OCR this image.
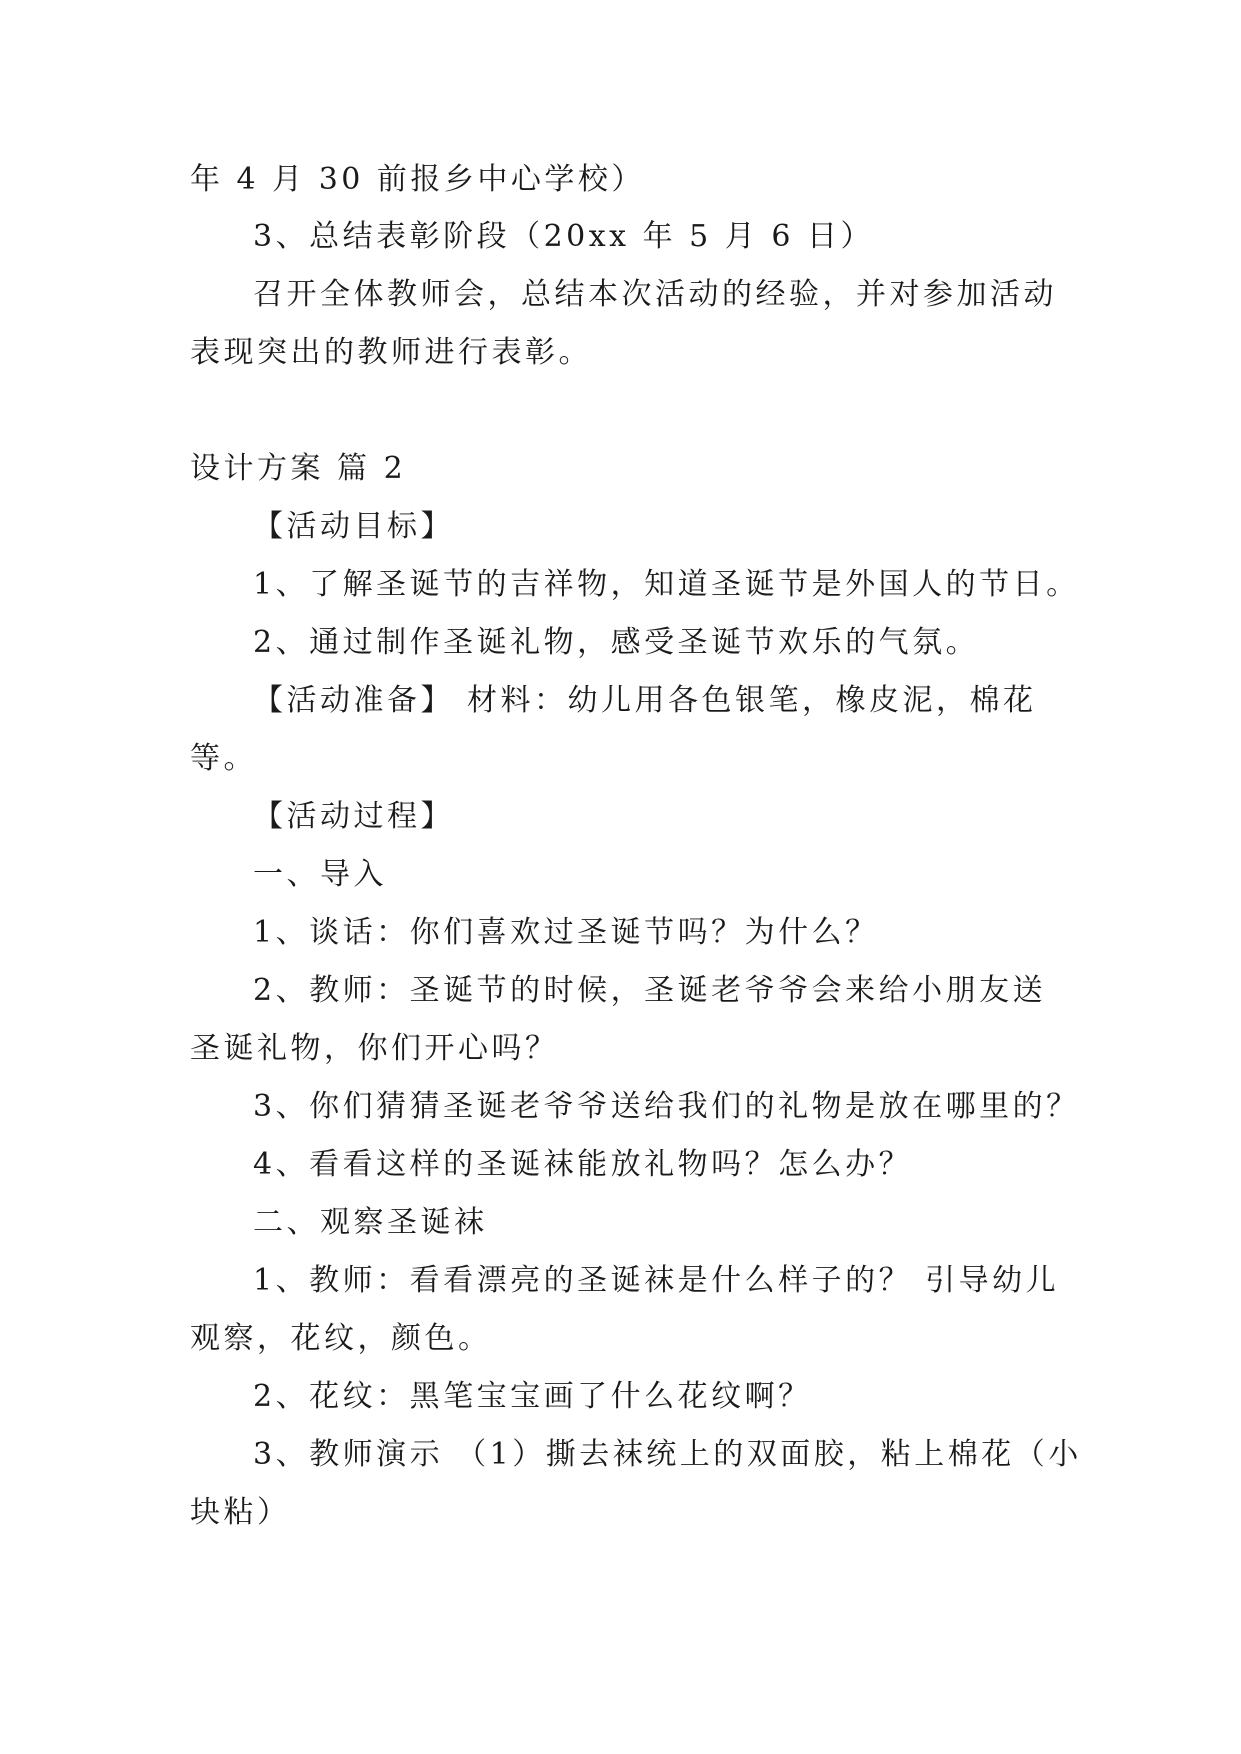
年 4 月 30 前报乡中心学校）
3、总结表彰阶段（20xx 年 5 月 6 日）
召开全体教师会，总结本次活动的经验，并对参加活动
表现突出的教师进行表彰。
设计方案 篇 2
【活动目标】
1、了解圣诞节的吉祥物，知道圣诞节是外国人的节日。
2、通过制作圣诞礼物，感受圣诞节欢乐的气氛。
【活动准备】 材料：幼儿用各色银笔，橡皮泥，棉花
等。
【活动过程】
一、导入
1、谈话：你们喜欢过圣诞节吗？为什么？
2、教师：圣诞节的时候，圣诞老爷爷会来给小朋友送
圣诞礼物，你们开心吗？
3、你们猜猜圣诞老爷爷送给我们的礼物是放在哪里的？
4、看看这样的圣诞袜能放礼物吗？怎么办？
二、观察圣诞袜
1、教师：看看漂亮的圣诞袜是什么样子的？ 引导幼儿
观察，花纹，颜色。
2、花纹：黑笔宝宝画了什么花纹啊？
3、教师演示 （1）撕去袜统上的双面胶，粘上棉花（小
块粘）
